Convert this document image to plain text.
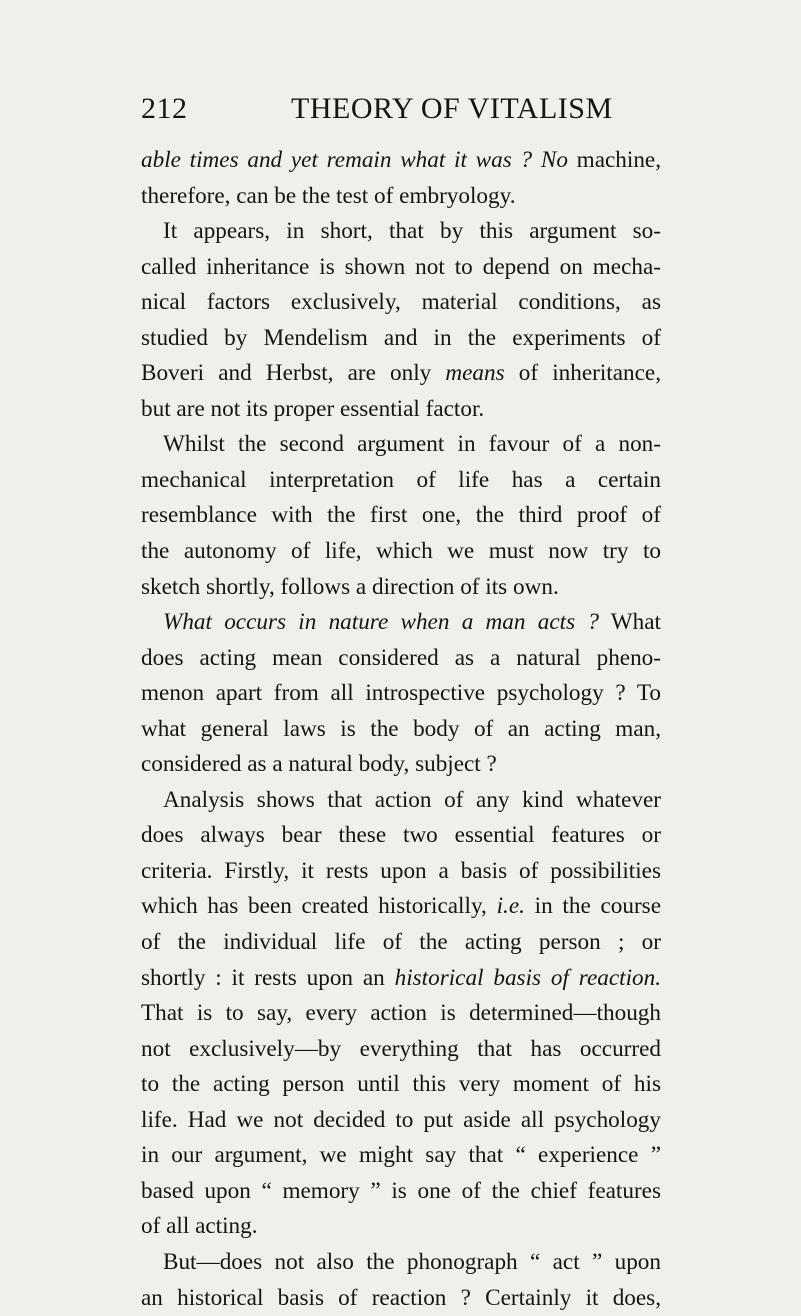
212	THEORY OF VITALISM
able times and yet remain what it was ? No machine,
therefore, can be the test of embryology.
It appears, in short, that by this argument so-
called inheritance is shown not to depend on mecha-
nical factors exclusively, material conditions, as
studied by Mendelism and in the experiments of
Boveri and Herbst, are only means of inheritance,
but are not its proper essential factor.
Whilst the second argument in favour of a non-
mechanical interpretation of life has a certain
resemblance with the first one, the third proof of
the autonomy of life, which we must now try to
sketch shortly, follows a direction of its own.
What occurs in nature when a man acts ? What
does acting mean considered as a natural pheno-
menon apart from all introspective psychology ? To
what general laws is the body of an acting man,
considered as a natural body, subject ?
Analysis shows that action of any kind whatever
does always bear these two essential features or
criteria. Firstly, it rests upon a basis of possibilities
which has been created historically, i.e. in the course
of the individual life of the acting person ; or
shortly : it rests upon an historical basis of reaction.
That is to say, every action is determined—though
not exclusively—by everything that has occurred
to the acting person until this very moment of his
life. Had we not decided to put aside all psychology
in our argument, we might say that “ experience ”
based upon “ memory ” is one of the chief features
of all acting.
But—does not also the phonograph “ act ” upon
an historical basis of reaction ? Certainly it does,
